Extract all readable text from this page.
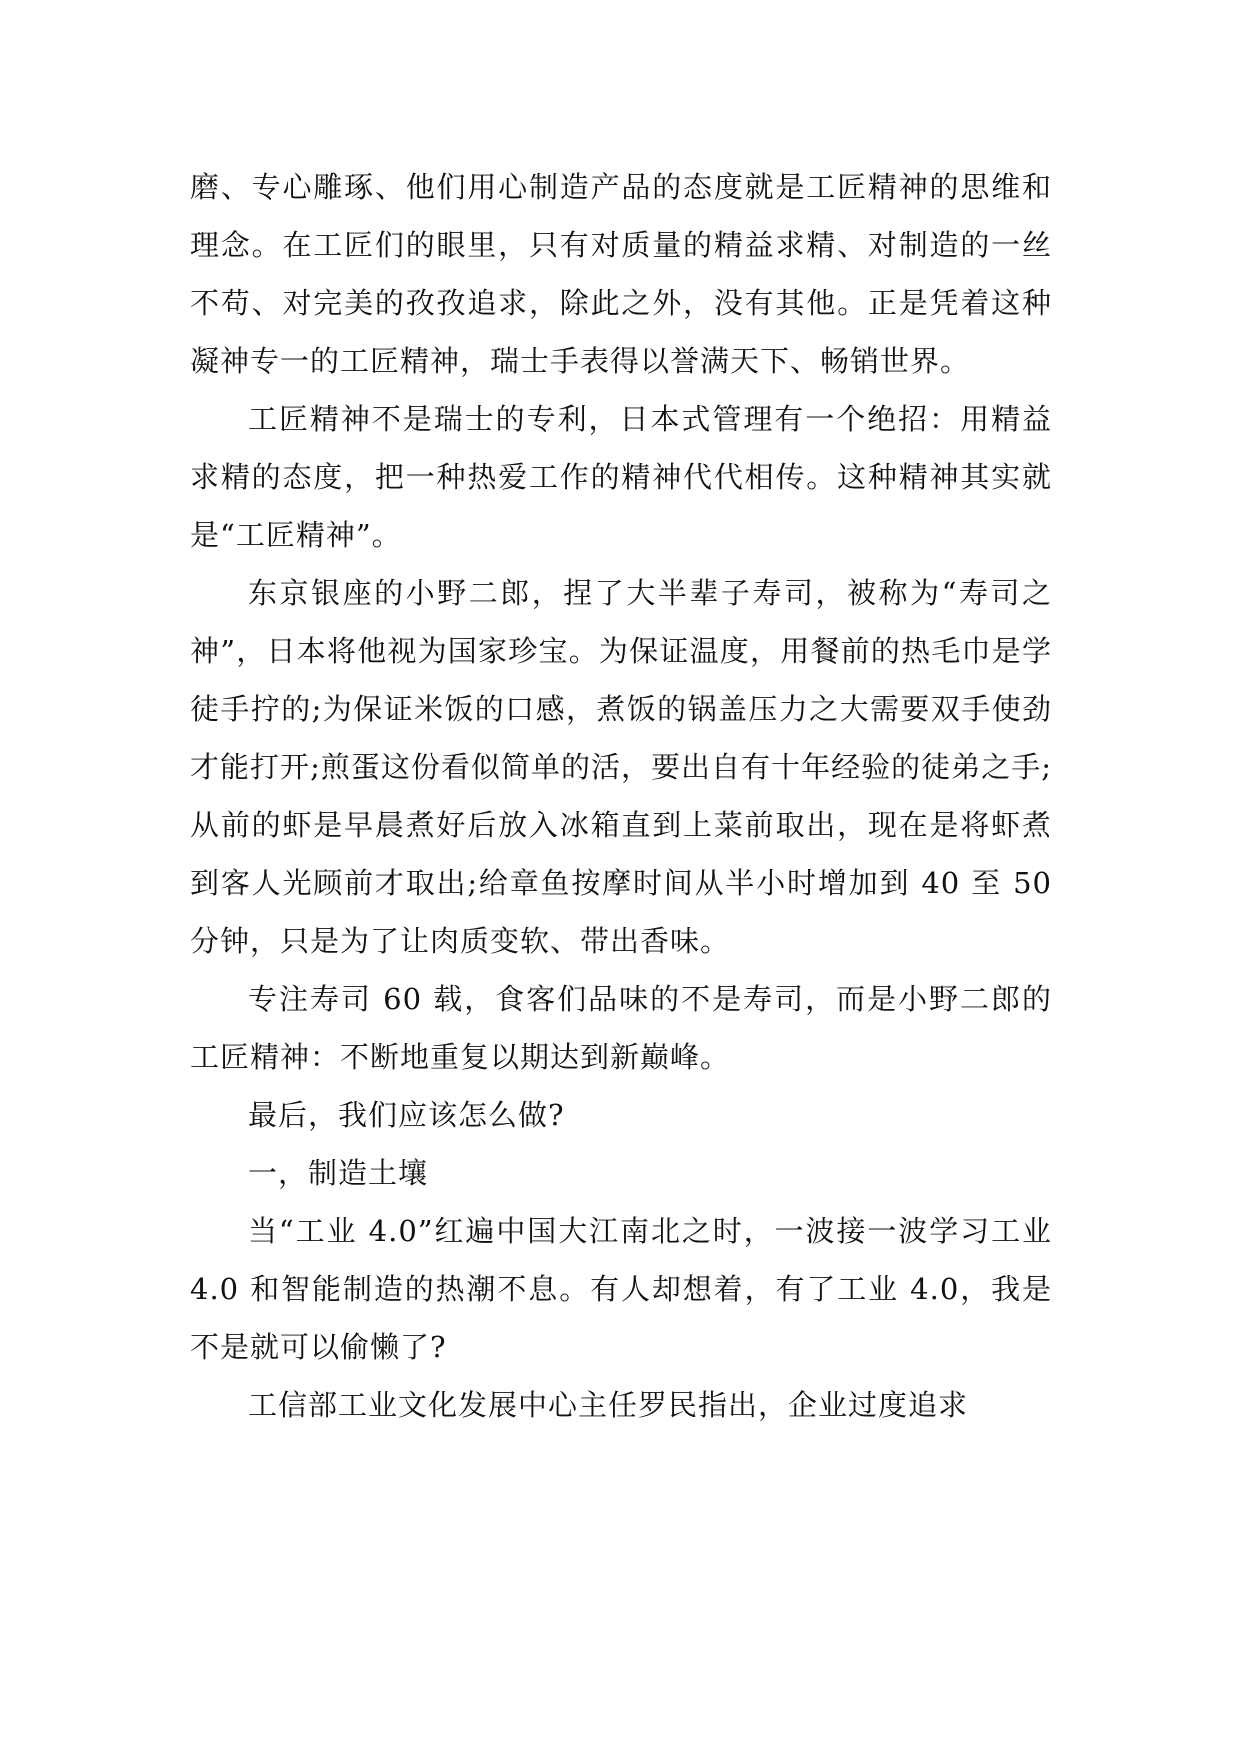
磨、专心雕琢、他们用心制造产品的态度就是工匠精神的思维和理念。在工匠们的眼里，只有对质量的精益求精、对制造的一丝不苟、对完美的孜孜追求，除此之外，没有其他。正是凭着这种凝神专一的工匠精神，瑞士手表得以誉满天下、畅销世界。

工匠精神不是瑞士的专利，日本式管理有一个绝招：用精益求精的态度，把一种热爱工作的精神代代相传。这种精神其实就是“工匠精神”。

东京银座的小野二郎，捏了大半辈子寿司，被称为“寿司之神”，日本将他视为国家珍宝。为保证温度，用餐前的热毛巾是学徒手拧的;为保证米饭的口感，煮饭的锅盖压力之大需要双手使劲才能打开;煎蛋这份看似简单的活，要出自有十年经验的徒弟之手;从前的虾是早晨煮好后放入冰箱直到上菜前取出，现在是将虾煮到客人光顾前才取出;给章鱼按摩时间从半小时增加到 40 至 50 分钟，只是为了让肉质变软、带出香味。

专注寿司 60 载，食客们品味的不是寿司，而是小野二郎的工匠精神：不断地重复以期达到新巅峰。

最后，我们应该怎么做?

一，制造土壤

当“工业 4.0”红遍中国大江南北之时，一波接一波学习工业 4.0 和智能制造的热潮不息。有人却想着，有了工业 4.0，我是不是就可以偷懒了?

工信部工业文化发展中心主任罗民指出，企业过度追求
